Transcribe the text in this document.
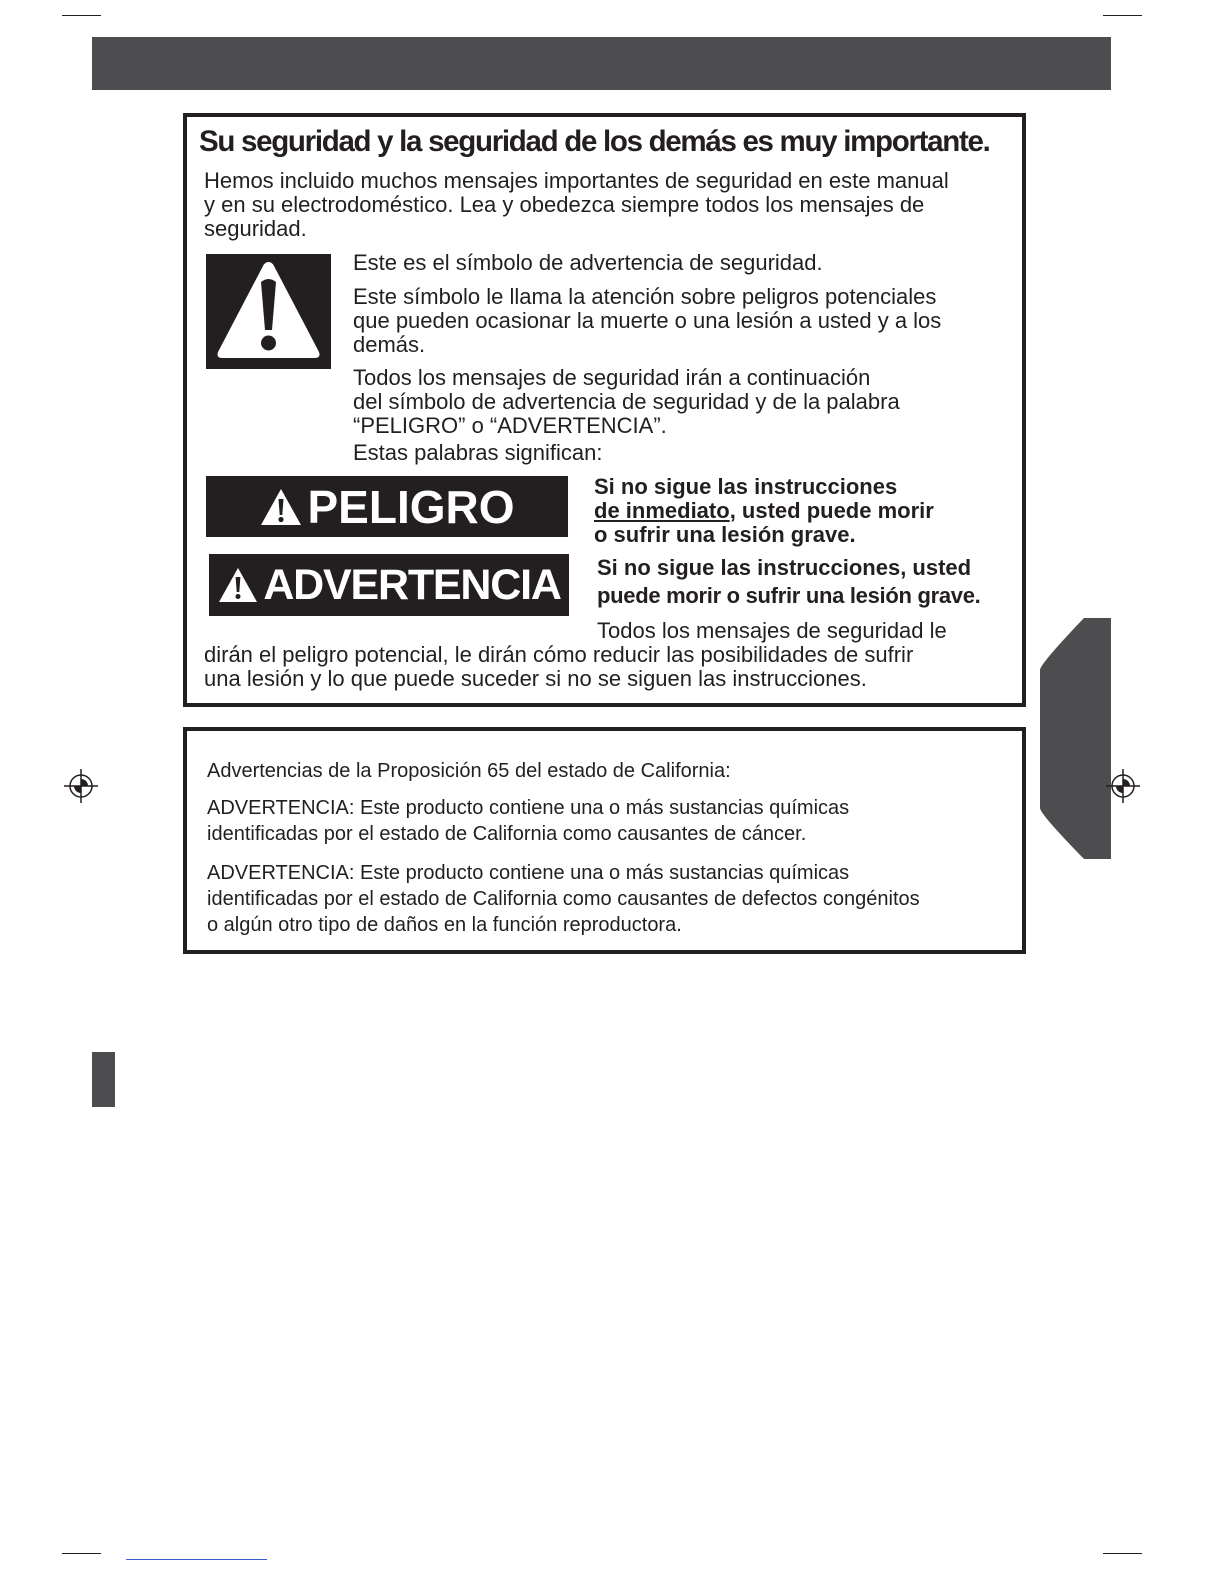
Su seguridad y la seguridad de los demás es muy importante.

Hemos incluido muchos mensajes importantes de seguridad en este manual

y en su electrodoméstico. Lea y obedezca siempre todos los mensajes de

seguridad.

Este es el símbolo de advertencia de seguridad.

Este símbolo le llama la atención sobre peligros potenciales

que pueden ocasionar la muerte o una lesión a usted y a los

demás.

Todos los mensajes de seguridad irán a continuación

del símbolo de advertencia de seguridad y de la palabra

“PELIGRO” o “ADVERTENCIA”.

Estas palabras significan:

PELIGRO	Si no sigue las instrucciones

de inmediato, usted puede morir

o sufrir una lesión grave.

ADVERTENCIA Si no sigue las instrucciones, usted

puede morir o sufrir una lesión grave.

Todos los mensajes de seguridad le

dirán el peligro potencial, le dirán cómo reducir las posibilidades de sufrir

una lesión y lo que puede suceder si no se siguen las instrucciones.

Advertencias de la Proposición 65 del estado de California:

ADVERTENCIA: Este producto contiene una o más sustancias químicas

identificadas por el estado de California como causantes de cáncer.

ADVERTENCIA: Este producto contiene una o más sustancias químicas

identificadas por el estado de California como causantes de defectos congénitos

o algún otro tipo de daños en la función reproductora.
